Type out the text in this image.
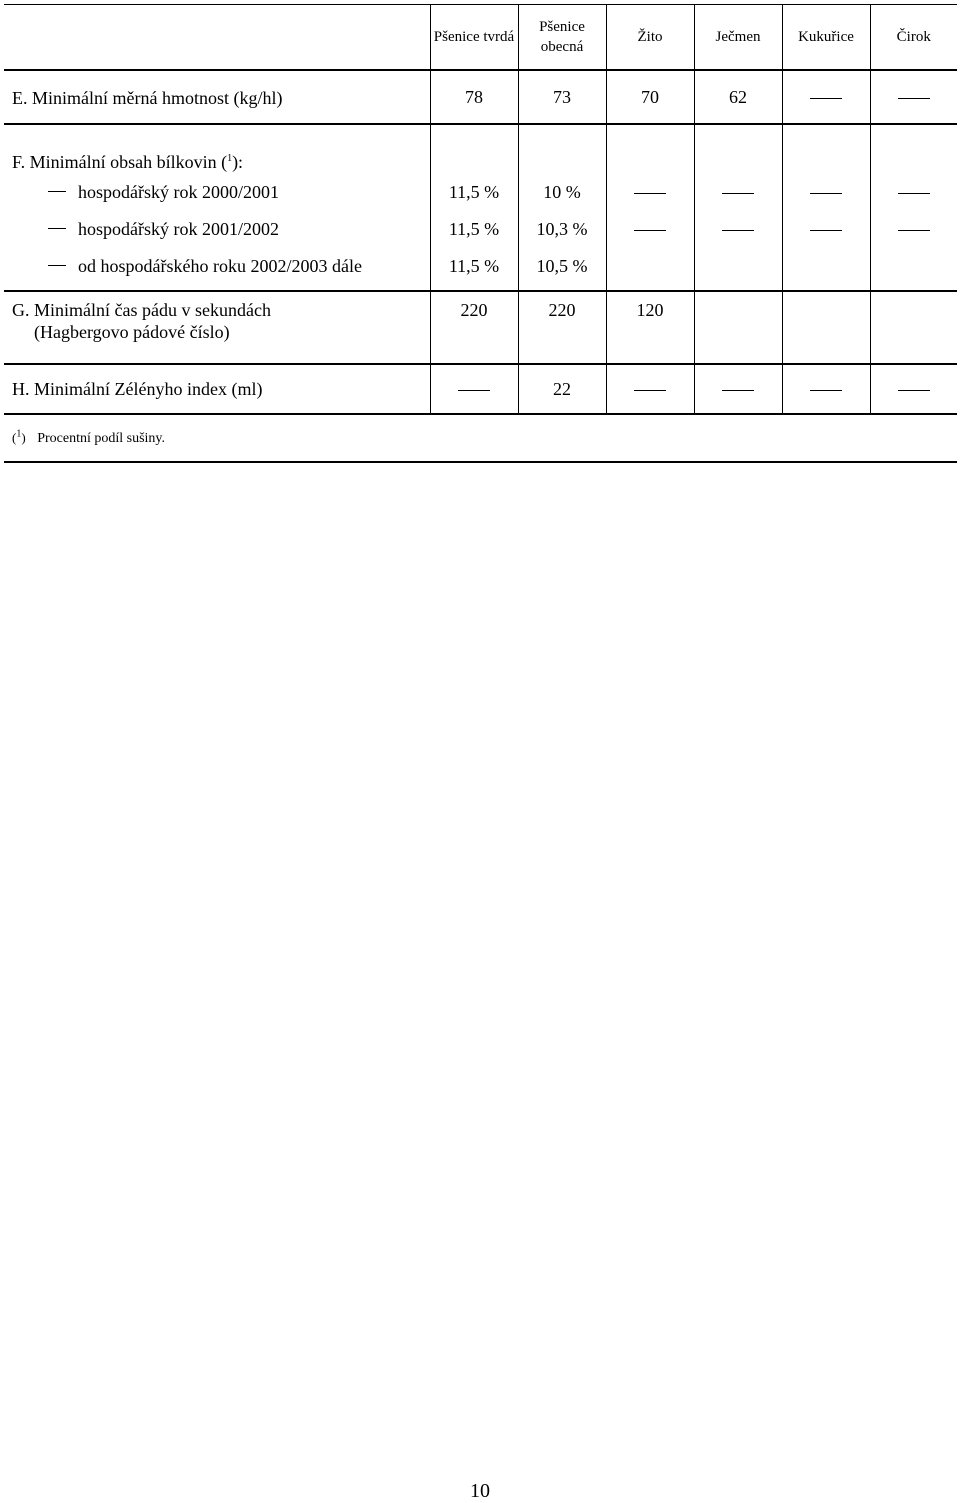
	Pšenice tvrdá	Pšenice obecná	Žito	Ječmen	Kukuřice	Čirok
E. Minimální měrná hmotnost (kg/hl)	78	73	70	62		
F. Minimální obsah bílkovin ($^1$):						

hospodářský rok 2000/2001	11,5 %	10 %				

hospodářský rok 2001/2002	11,5 %	10,3 %				

od hospodářského roku 2002/2003 dále	11,5 %	10,5 %				

G. Minimální čas pádu v sekundách
(Hagbergovo pádové číslo)	220	220	120			
H. Minimální Zélényho index (ml)		22				
($^1$) Procentní podíl sušiny.						
10
